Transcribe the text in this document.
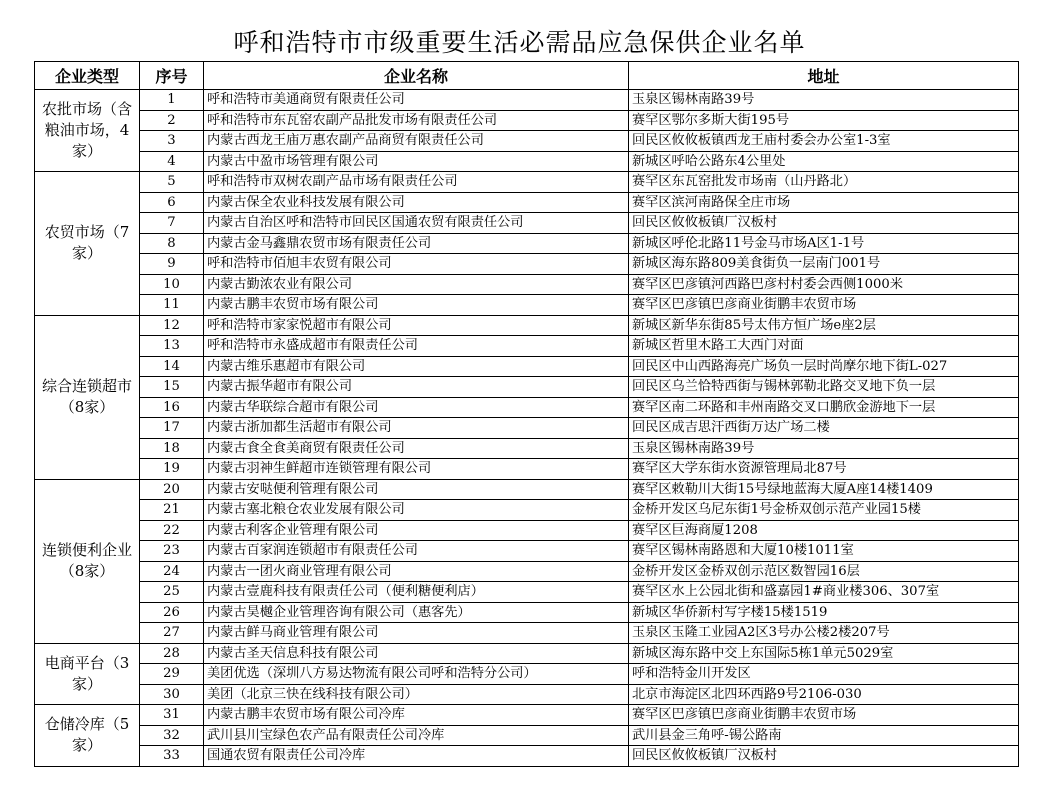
呼和浩特市市级重要生活必需品应急保供企业名单
企业类型	序号	企业名称	地址
农批市场（含粮油市场，4家）	1	呼和浩特市美通商贸有限责任公司	玉泉区锡林南路39号
	2	呼和浩特市东瓦窑农副产品批发市场有限责任公司	赛罕区鄂尔多斯大街195号
	3	内蒙古西龙王庙万惠农副产品商贸有限责任公司	回民区攸攸板镇西龙王庙村委会办公室1-3室
	4	内蒙古中盈市场管理有限公司	新城区呼哈公路东4公里处
农贸市场（7家）	5	呼和浩特市双树农副产品市场有限责任公司	赛罕区东瓦窑批发市场南（山丹路北）
	6	内蒙古保全农业科技发展有限公司	赛罕区滨河南路保全庄市场
	7	内蒙古自治区呼和浩特市回民区国通农贸有限责任公司	回民区攸攸板镇厂汉板村
	8	内蒙古金马鑫鼎农贸市场有限责任公司	新城区呼伦北路11号金马市场A区1-1号
	9	呼和浩特市佰旭丰农贸有限公司	新城区海东路809美食街负一层南门001号
	10	内蒙古勤浓农业有限公司	赛罕区巴彦镇河西路巴彦村村委会西侧1000米
	11	内蒙古鹏丰农贸市场有限公司	赛罕区巴彦镇巴彦商业街鹏丰农贸市场
综合连锁超市（8家）	12	呼和浩特市家家悦超市有限公司	新城区新华东街85号太伟方恒广场e座2层
	13	呼和浩特市永盛成超市有限责任公司	新城区哲里木路工大西门对面
	14	内蒙古维乐惠超市有限公司	回民区中山西路海亮广场负一层时尚摩尔地下街L-027
	15	内蒙古振华超市有限公司	回民区乌兰恰特西街与锡林郭勒北路交叉地下负一层
	16	内蒙古华联综合超市有限公司	赛罕区南二环路和丰州南路交叉口鹏欣金游地下一层
	17	内蒙古浙加都生活超市有限公司	回民区成吉思汗西街万达广场二楼
	18	内蒙古食全食美商贸有限责任公司	玉泉区锡林南路39号
	19	内蒙古羽神生鲜超市连锁管理有限公司	赛罕区大学东街水资源管理局北87号
连锁便利企业（8家）	20	内蒙古安哒便利管理有限公司	赛罕区敕勒川大街15号绿地蓝海大厦A座14楼1409
	21	内蒙古塞北粮仓农业发展有限公司	金桥开发区乌尼东街1号金桥双创示范产业园15楼
	22	内蒙古利客企业管理有限公司	赛罕区巨海商厦1208
	23	内蒙古百家润连锁超市有限责任公司	赛罕区锡林南路恩和大厦10楼1011室
	24	内蒙古一团火商业管理有限公司	金桥开发区金桥双创示范区数智园16层
	25	内蒙古壹鹿科技有限责任公司（便利糖便利店）	赛罕区水上公园北街和盛嘉园1#商业楼306、307室
	26	内蒙古昊樾企业管理咨询有限公司（惠客先）	新城区华侨新村写字楼15楼1519
	27	内蒙古鲜马商业管理有限公司	玉泉区玉隆工业园A2区3号办公楼2楼207号
电商平台（3家）	28	内蒙古圣天信息科技有限公司	新城区海东路中交上东国际5栋1单元5029室
	29	美团优选（深圳八方易达物流有限公司呼和浩特分公司）	呼和浩特金川开发区
	30	美团（北京三快在线科技有限公司）	北京市海淀区北四环西路9号2106-030
仓储冷库（5家）	31	内蒙古鹏丰农贸市场有限公司冷库	赛罕区巴彦镇巴彦商业街鹏丰农贸市场
	32	武川县川宝绿色农产品有限责任公司冷库	武川县金三角呼-锡公路南
	33	国通农贸有限责任公司冷库	回民区攸攸板镇厂汉板村
